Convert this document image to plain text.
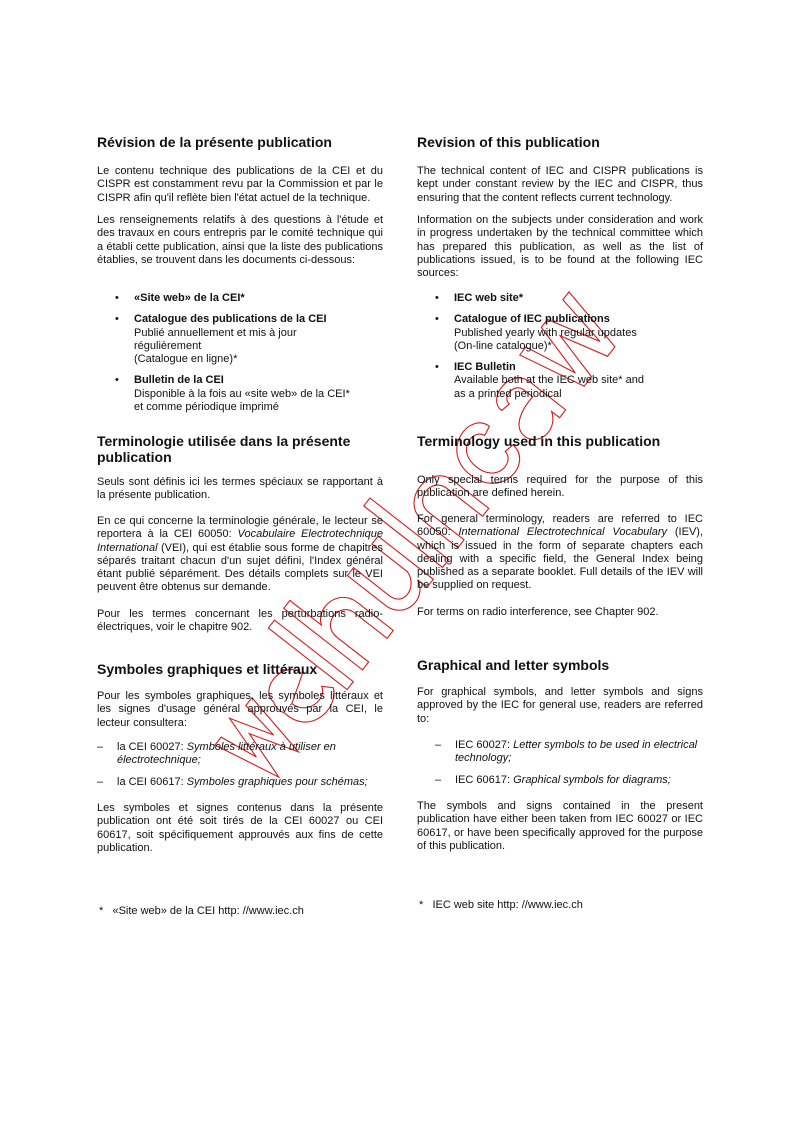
Révision de la présente publication

Le contenu technique des publications de la CEI et du CISPR est constamment revu par la Commission et par le CISPR afin qu'il reflète bien l'état actuel de la technique.

Les renseignements relatifs à des questions à l'étude et des travaux en cours entrepris par le comité technique qui a établi cette publication, ainsi que la liste des publications établies, se trouvent dans les documents ci-dessous:

• «Site web» de la CEI*
• Catalogue des publications de la CEI
Publié annuellement et mis à jour
régulièrement
(Catalogue en ligne)*
• Bulletin de la CEI
Disponible à la fois au «site web» de la CEI*
et comme périodique imprimé
Terminologie utilisée dans la présente publication

Seuls sont définis ici les termes spéciaux se rapportant à la présente publication.

En ce qui concerne la terminologie générale, le lecteur se reportera à la CEI 60050: Vocabulaire Electrotechnique International (VEI), qui est établie sous forme de chapitres séparés traitant chacun d'un sujet défini, l'Index général étant publié séparément. Des détails complets sur le VEI peuvent être obtenus sur demande.

Pour les termes concernant les perturbations radio-électriques, voir le chapitre 902.

Symboles graphiques et littéraux

Pour les symboles graphiques, les symboles littéraux et les signes d'usage général approuvés par la CEI, le lecteur consultera:

– la CEI 60027: Symboles littéraux à utiliser en électrotechnique;
– la CEI 60617: Symboles graphiques pour schémas;

Les symboles et signes contenus dans la présente publication ont été soit tirés de la CEI 60027 ou CEI 60617, soit spécifiquement approuvés aux fins de cette publication.

Revision of this publication

The technical content of IEC and CISPR publications is kept under constant review by the IEC and CISPR, thus ensuring that the content reflects current technology.

Information on the subjects under consideration and work in progress undertaken by the technical committee which has prepared this publication, as well as the list of publications issued, is to be found at the following IEC sources:

• IEC web site*
• Catalogue of IEC publications
Published yearly with regular updates
(On-line catalogue)*
• IEC Bulletin
Available both at the IEC web site* and
as a printed periodical
Terminology used in this publication

Only special terms required for the purpose of this publication are defined herein.

For general terminology, readers are referred to IEC 60050: International Electrotechnical Vocabulary (IEV), which is issued in the form of separate chapters each dealing with a specific field, the General Index being published as a separate booklet. Full details of the IEV will be supplied on request.

For terms on radio interference, see Chapter 902.

Graphical and letter symbols

For graphical symbols, and letter symbols and signs approved by the IEC for general use, readers are referred to:

– IEC 60027: Letter symbols to be used in electrical technology;
– IEC 60617: Graphical symbols for diagrams;

The symbols and signs contained in the present publication have either been taken from IEC 60027 or IEC 60617, or have been specifically approved for the purpose of this publication.

* «Site web» de la CEI http: //www.iec.ch	* IEC web site http: //www.iec.ch
